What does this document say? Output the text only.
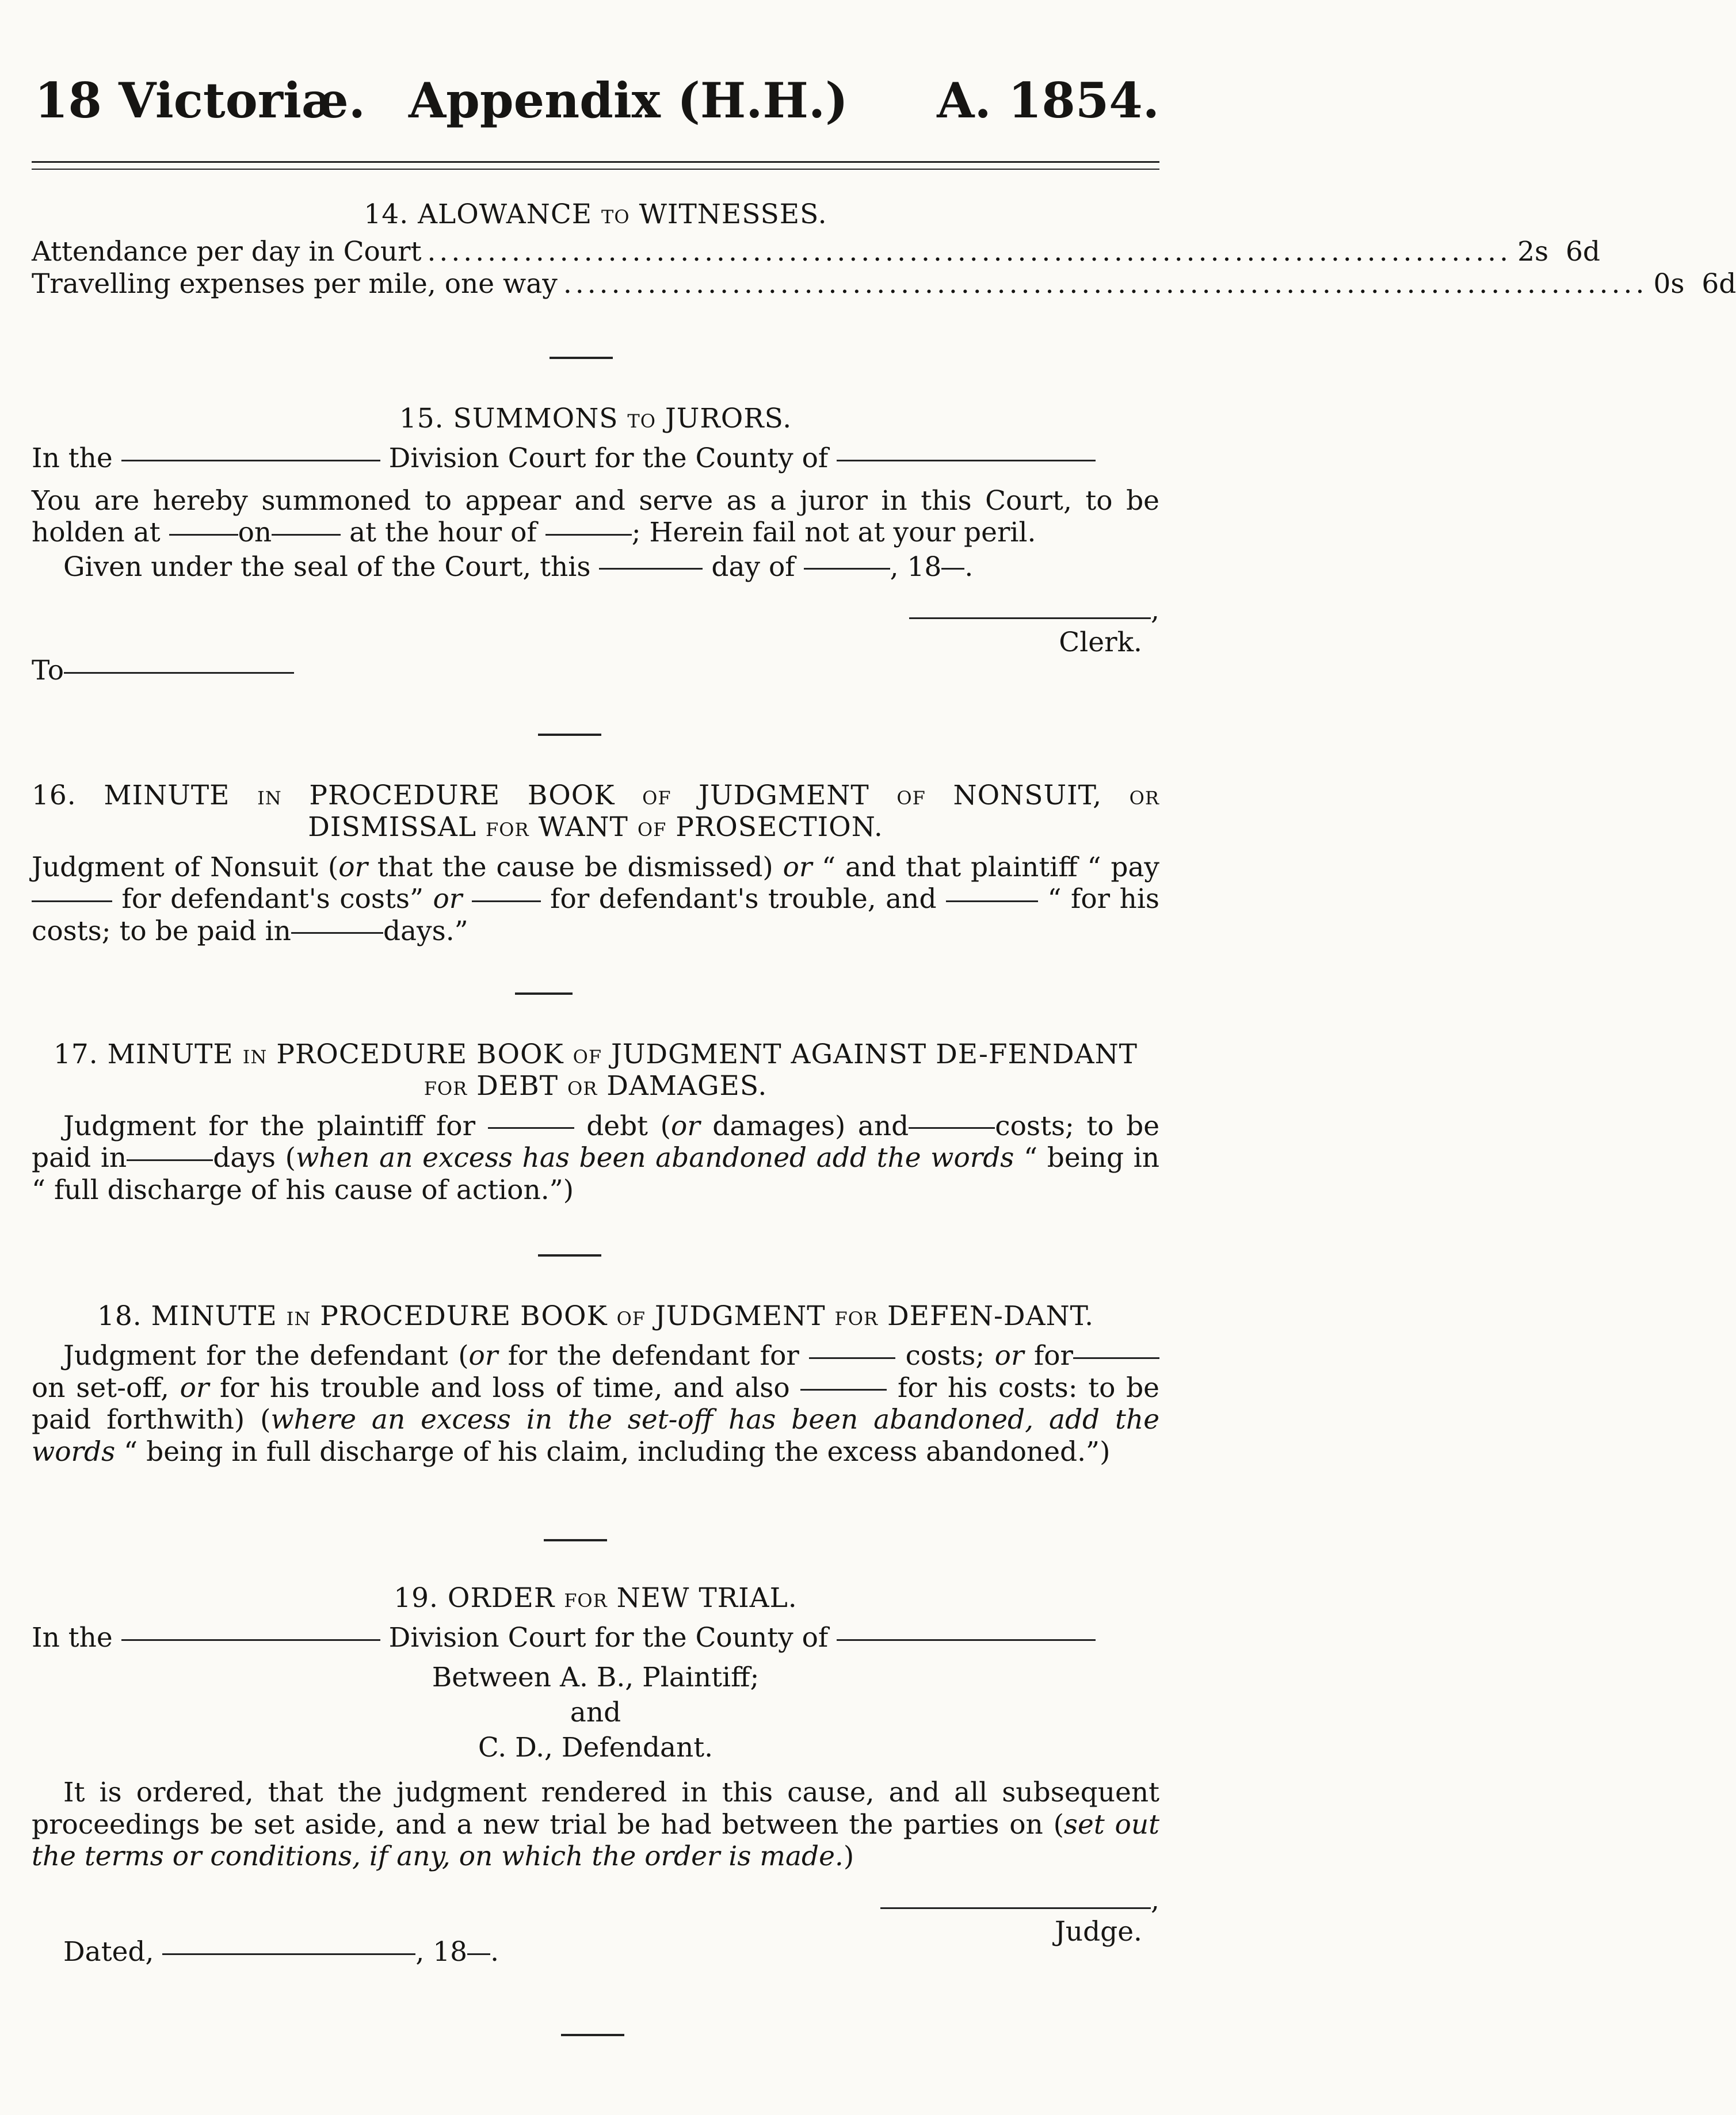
18 Victoriæ. Appendix (H.H.) A. 1854.
14. ALOWANCE TO WITNESSES.
Attendance per day in Court .......................................................................................... 2s  6d
Travelling expenses per mile, one way .......................................................................................... 0s  6d
15. SUMMONS TO JURORS.

In the	Division Court for the County of

You are hereby summoned to appear and serve as a juror in this Court, to be holden at	on	at the hour of	; Herein fail not at your peril.

Given under the seal of the Court, this	day of	, 18 .

,
Clerk.

To

16. MINUTE IN PROCEDURE BOOK OF JUDGMENT OF NONSUIT, OR DISMISSAL FOR WANT OF PROSECTION.

Judgment of Nonsuit (or that the cause be dismissed) or “ and that plaintiff “ pay  for defendant's costs” or	for defendant's trouble, and	“ for his costs; to be paid in	days.”

17. MINUTE IN PROCEDURE BOOK OF JUDGMENT AGAINST DE-FENDANT FOR DEBT OR DAMAGES.

Judgment for the plaintiff for	debt (or damages) and	costs; to be paid in	days (when an excess has been abandoned add the words “ being in “ full discharge of his cause of action.”)

18. MINUTE IN PROCEDURE BOOK OF JUDGMENT FOR DEFEN-DANT.

Judgment for the defendant (or for the defendant for	costs; or for on set-off, or for his trouble and loss of time, and also	for his costs: to be paid forthwith) (where an excess in the set-off has been abandoned, add the words “ being in full discharge of his claim, including the excess abandoned.”)

19. ORDER FOR NEW TRIAL.

In the	Division Court for the County of

Between A. B., Plaintiff;
and
C. D., Defendant.

It is ordered, that the judgment rendered in this cause, and all subsequent proceedings be set aside, and a new trial be had between the parties on (set out the terms or conditions, if any, on which the order is made.)

,
Judge.

Dated,	, 18 .
